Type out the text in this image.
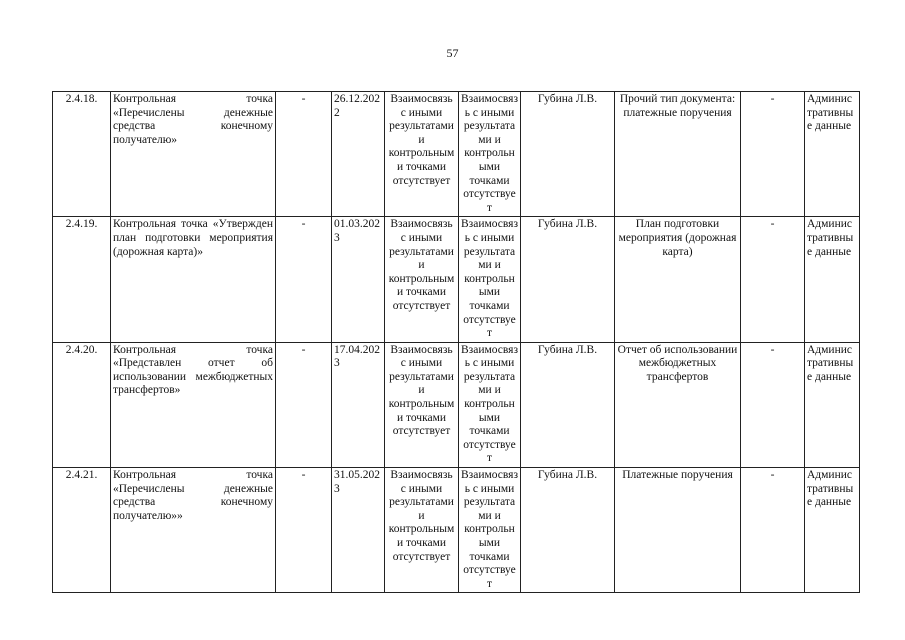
57
2.4.18.	Контрольная точка «Перечислены денежные средства конечному получателю»	-	26.12.2022	Взаимосвязь с иными результатами и контрольными точками отсутствует	Взаимосвязь с иными результатами и контрольными точками отсутствует	Губина Л.В.	Прочий тип документа: платежные поручения	-	Административные данные
2.4.19.	Контрольная точка «Утвержден план подготовки мероприятия (дорожная карта)»	-	01.03.2023	Взаимосвязь с иными результатами и контрольными точками отсутствует	Взаимосвязь с иными результатами и контрольными точками отсутствует	Губина Л.В.	План подготовки мероприятия (дорожная карта)	-	Административные данные
2.4.20.	Контрольная точка «Представлен отчет об использовании межбюджетных трансфертов»	-	17.04.2023	Взаимосвязь с иными результатами и контрольными точками отсутствует	Взаимосвязь с иными результатами и контрольными точками отсутствует	Губина Л.В.	Отчет об использовании межбюджетных трансфертов	-	Административные данные
2.4.21.	Контрольная точка «Перечислены денежные средства конечному получателю»»	-	31.05.2023	Взаимосвязь с иными результатами и контрольными точками отсутствует	Взаимосвязь с иными результатами и контрольными точками отсутствует	Губина Л.В.	Платежные поручения	-	Административные данные
